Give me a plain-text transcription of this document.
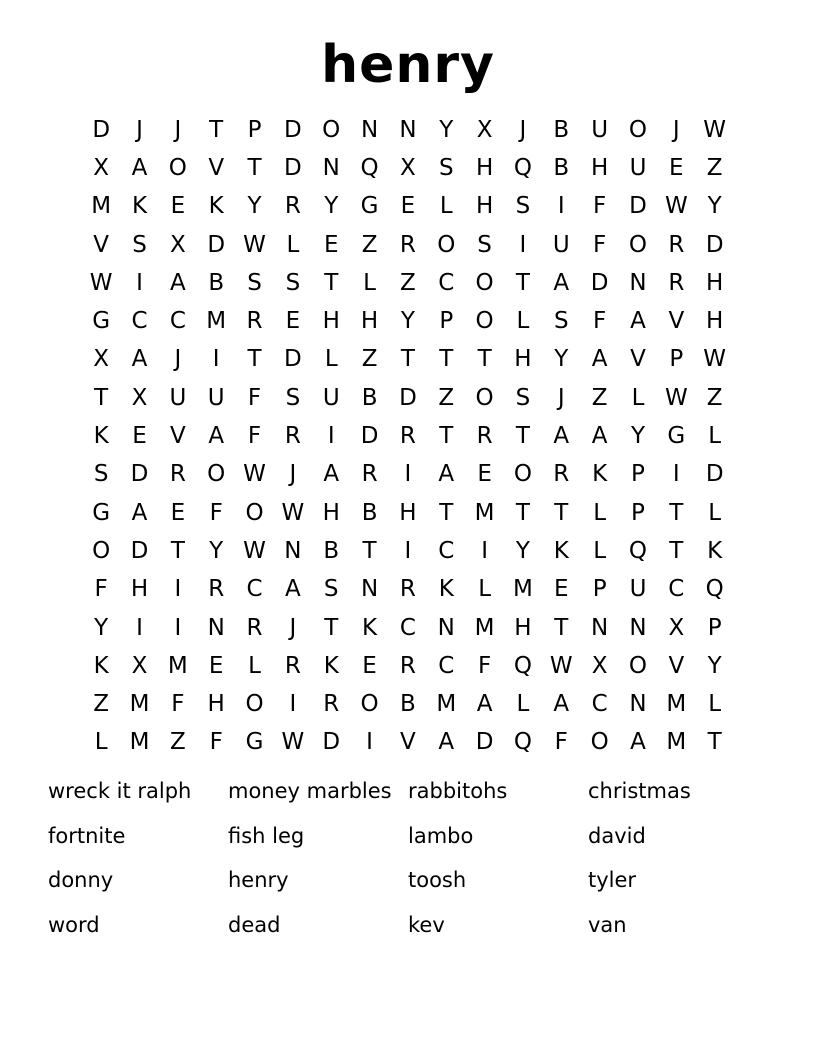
henry
D	J	J	T	P D O N N Y	X	J	B U O	J	W
X A O V	T D N Q X	S H Q B H U E	Z
M K	E	K	Y	R	Y G E	L	H S	I	F D W Y
V	S	X D W L	E	Z R O S	I	U	F O R D
W	I	A B	S	S	T	L	Z C O T	A D N R H
G C C M R	E H H Y	P O L	S	F	A V H
X A	J	I	T D	L	Z	T	T	T H Y	A V	P W
T	X U U	F	S U B D Z O S	J	Z	L W Z
K	E	V A	F	R	I	D R	T	R	T	A A	Y G	L
S D R O W	J	A R	I	A	E O R K	P	I	D
G A	E	F O W H B H T M T	T	L	P	T	L
O D T	Y W N B	T	I	C	I	Y	K	L Q T	K
F	H	I	R C A	S N R K	L M E	P U C Q
Y	I	I	N R	J	T	K C N M H T N N X	P
K X M E	L	R K	E	R C	F Q W X O V	Y
Z M F	H O	I	R O B M A	L	A C N M L
L M Z	F G W D	I	V A D Q F O A M T
wreck it ralph	money marbles rabbitohs	christmas
fortnite	fish leg	lambo	david
donny	henry	toosh	tyler
word	dead	kev	van
